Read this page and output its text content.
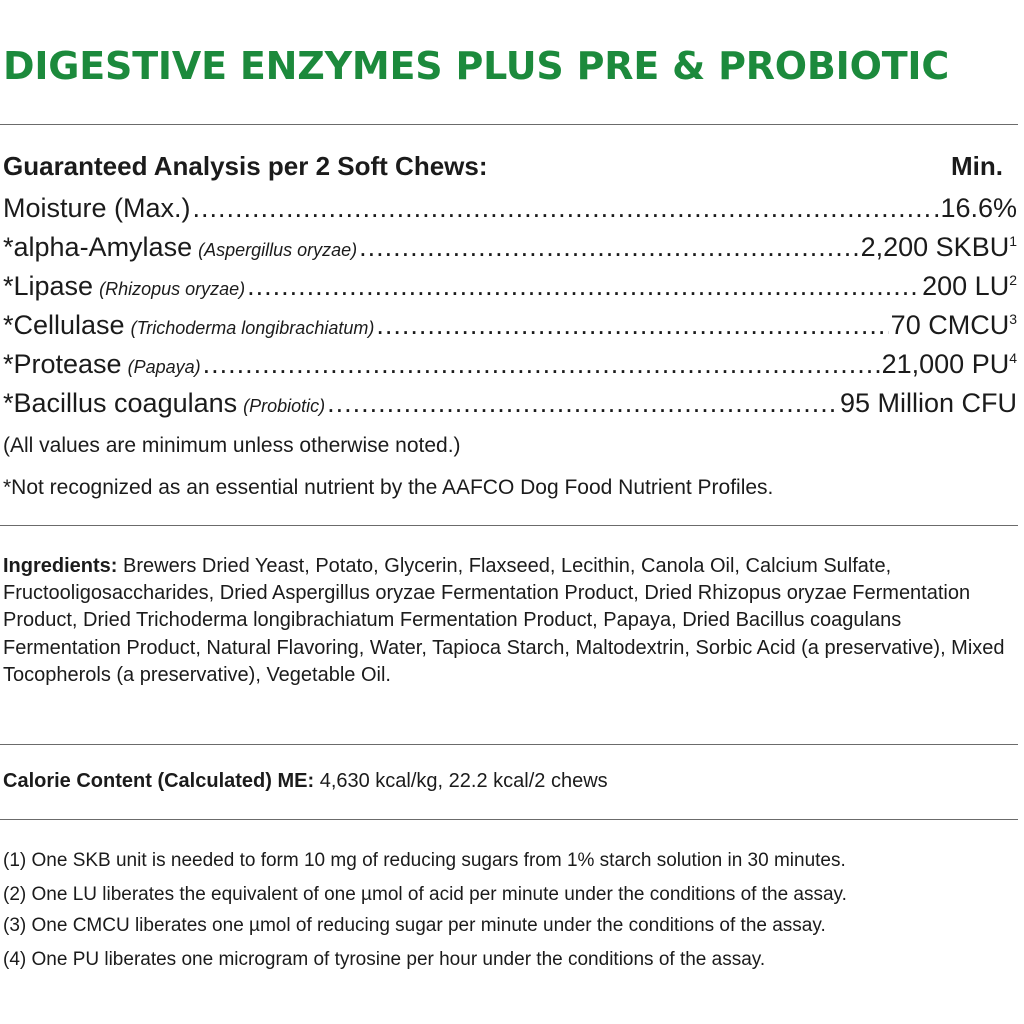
DIGESTIVE ENZYMES PLUS PRE & PROBIOTIC
Guaranteed Analysis per 2 Soft Chews:	Min.
Moisture (Max.) .....	.16.6%
*alpha-Amylase (Aspergillus oryzae) .....	2,200 SKBU$^1$
*Lipase (Rhizopus oryzae) .....	200 $LU^2$
*Cellulase (Trichoderma longibrachiatum) .....	70 CMCU$^3$
*Protease (Papaya) .....	21,000 $PU^4$
*Bacillus coagulans (Probiotic) .....	95 Million CFU
(All values are minimum unless otherwise noted.)
*Not recognized as an essential nutrient by the AAFCO Dog Food Nutrient Profiles.
Ingredients: Brewers Dried Yeast, Potato, Glycerin, Flaxseed, Lecithin, Canola Oil, Calcium Sulfate, Fructooligosaccharides, Dried Aspergillus oryzae Fermentation Product, Dried Rhizopus oryzae Fermentation Product, Dried Trichoderma longibrachiatum Fermentation Product, Papaya, Dried Bacillus coagulans Fermentation Product, Natural Flavoring, Water, Tapioca Starch, Maltodextrin, Sorbic Acid (a preservative), Mixed Tocopherols (a preservative), Vegetable Oil.
Calorie Content (Calculated) ME: 4,630 kcal/kg, 22.2 kcal/2 chews
(1) One SKB unit is needed to form 10 mg of reducing sugars from 1% starch solution in 30 minutes.
(2) One LU liberates the equivalent of one µmol of acid per minute under the conditions of the assay.
(3) One CMCU liberates one µmol of reducing sugar per minute under the conditions of the assay.
(4) One PU liberates one microgram of tyrosine per hour under the conditions of the assay.
